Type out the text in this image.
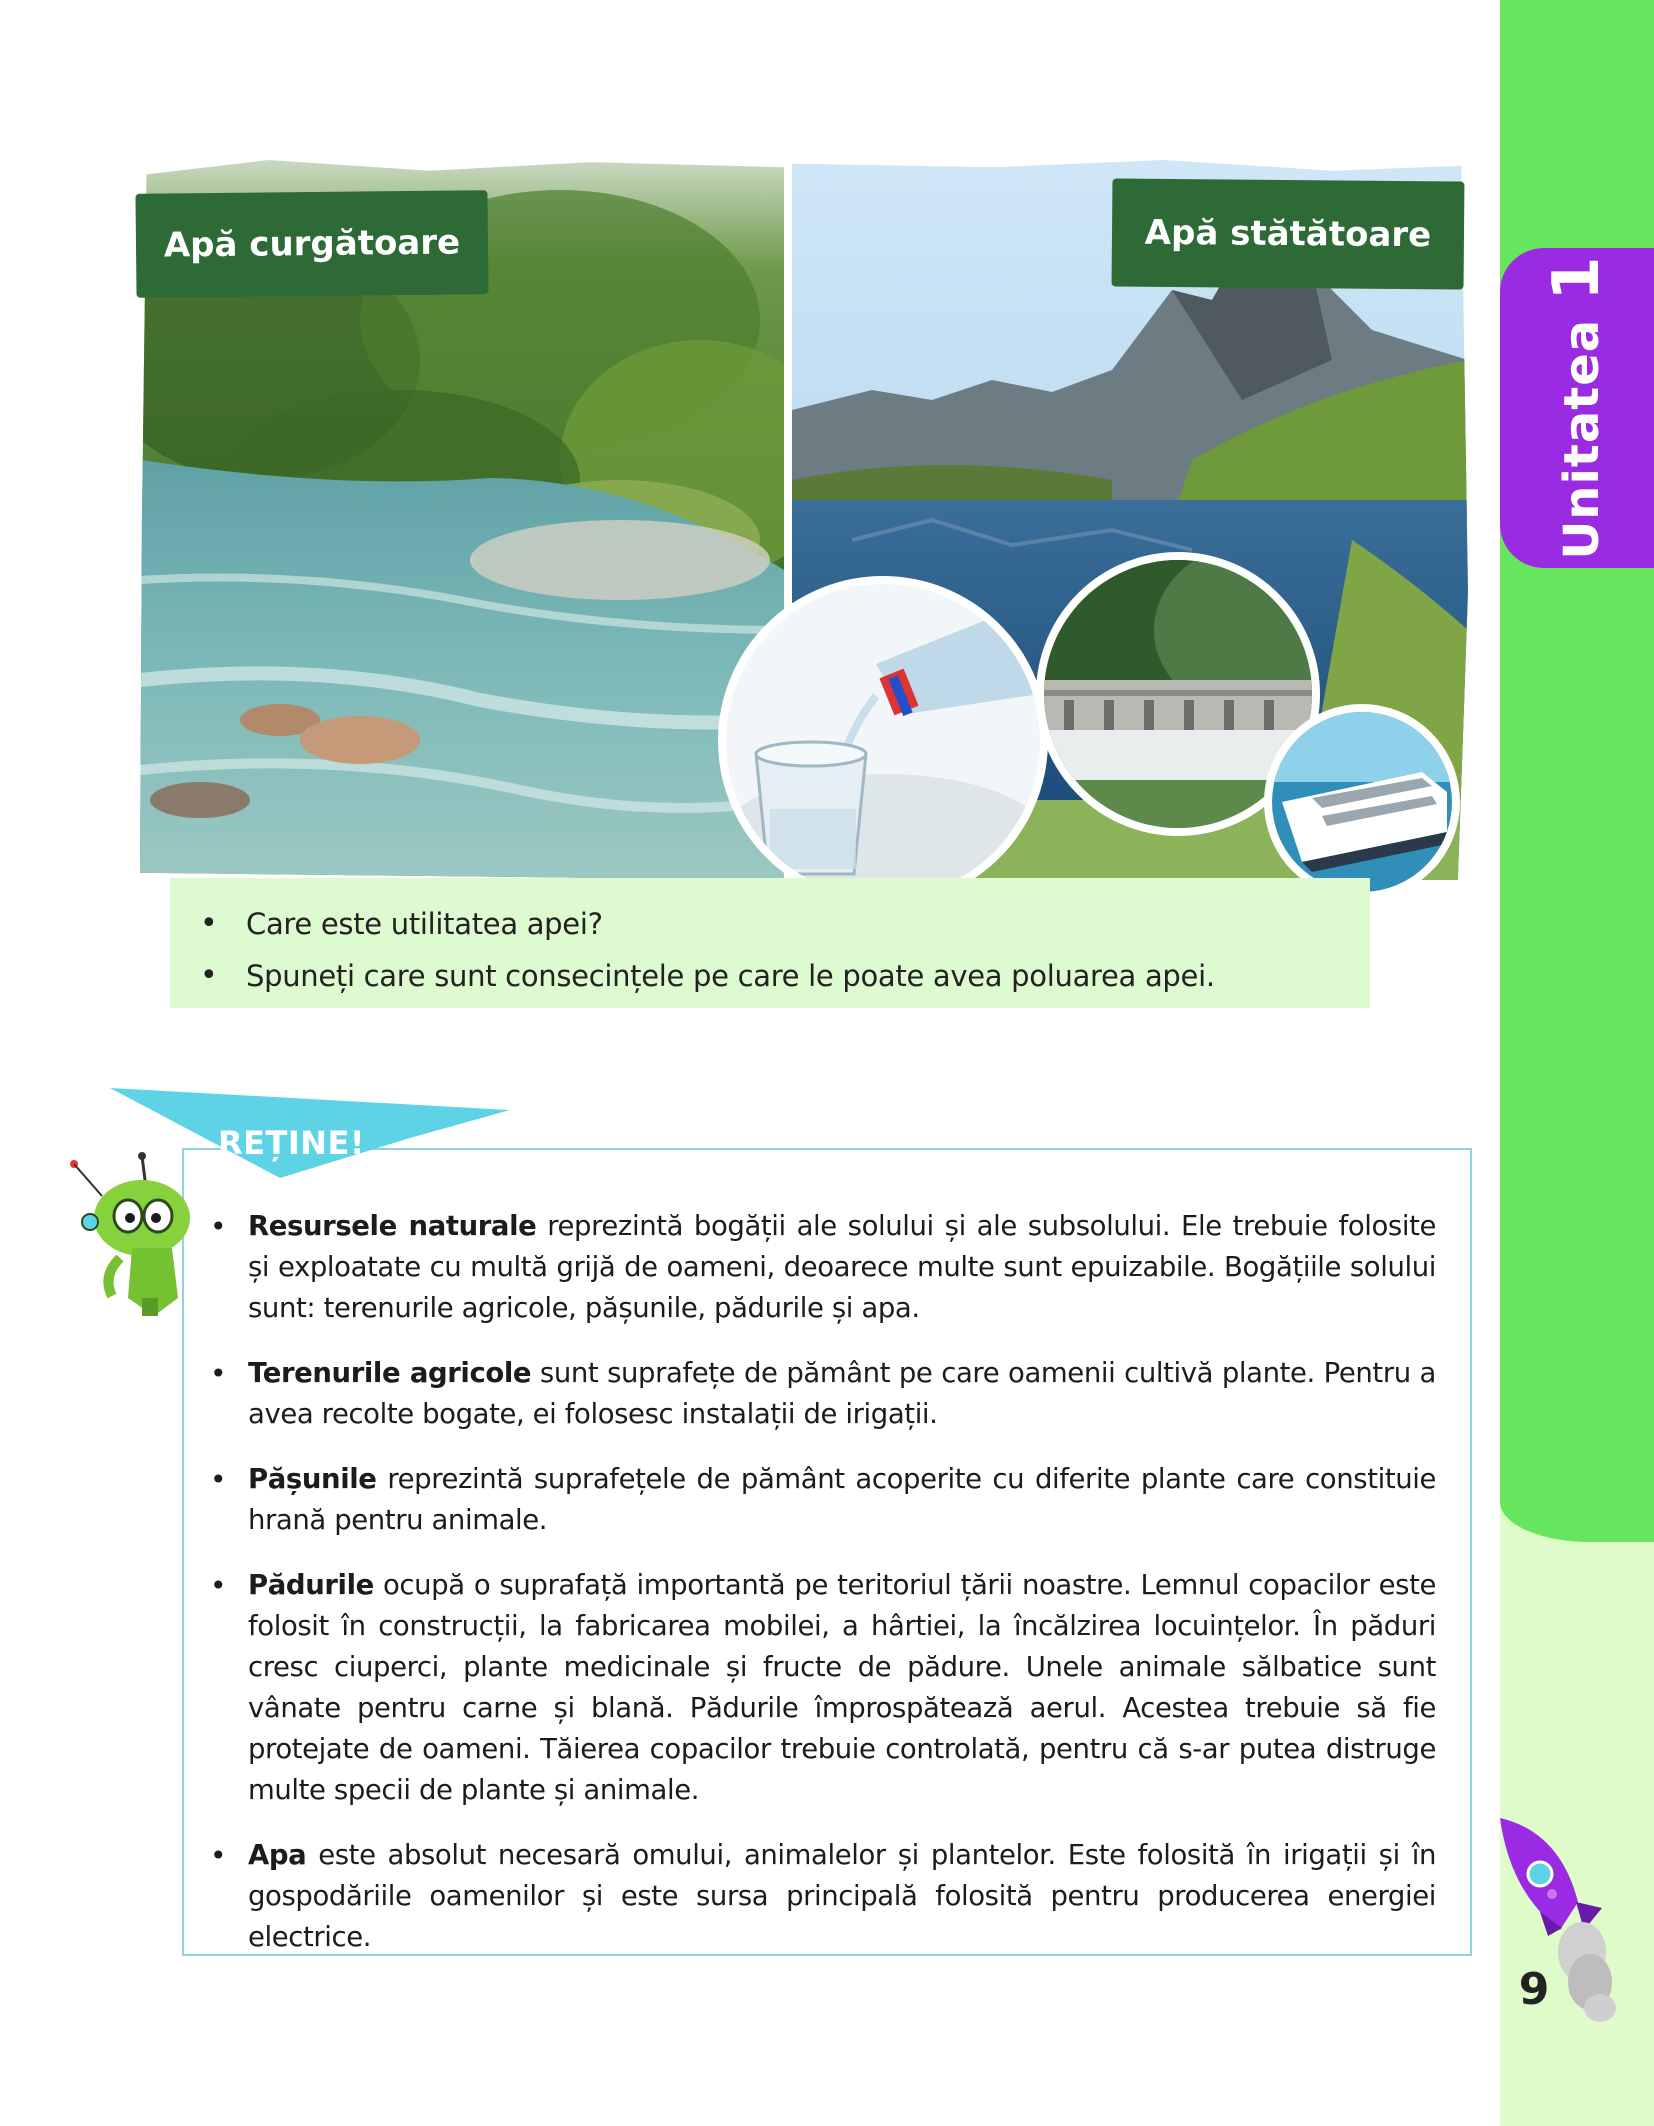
Unitatea1
Apă curgătoare	Apă stătătoare
• Care este utilitatea apei?
• Spuneți care sunt consecințele pe care le poate avea poluarea apei.
• Resursele naturale reprezintă bogății ale solului și ale subsolului. Ele trebuie folosite și exploatate cu multă grijă de oameni, deoarece multe sunt epuizabile. Bogățiile solului sunt: terenurile agricole, pășunile, pădurile și apa.
• Terenurile agricole sunt suprafețe de pământ pe care oamenii cultivă plante. Pentru a avea recolte bogate, ei folosesc instalații de irigații.
• Pășunile reprezintă suprafețele de pământ acoperite cu diferite plante care constituie hrană pentru animale.
• Pădurile ocupă o suprafață importantă pe teritoriul țării noastre. Lemnul copacilor este folosit în construcții, la fabricarea mobilei, a hârtiei, la încălzirea locuințelor. În păduri cresc ciuperci, plante medicinale și fructe de pădure. Unele animale sălbatice sunt vânate pentru carne și blană. Pădurile împrospătează aerul. Acestea trebuie să fie protejate de oameni. Tăierea copacilor trebuie controlată, pentru că s-ar putea distruge multe specii de plante și animale.
• Apa este absolut necesară omului, animalelor și plantelor. Este folosită în irigații și în gospodăriile oamenilor și este sursa principală folosită pentru producerea energiei electrice.
REȚINE!
9
